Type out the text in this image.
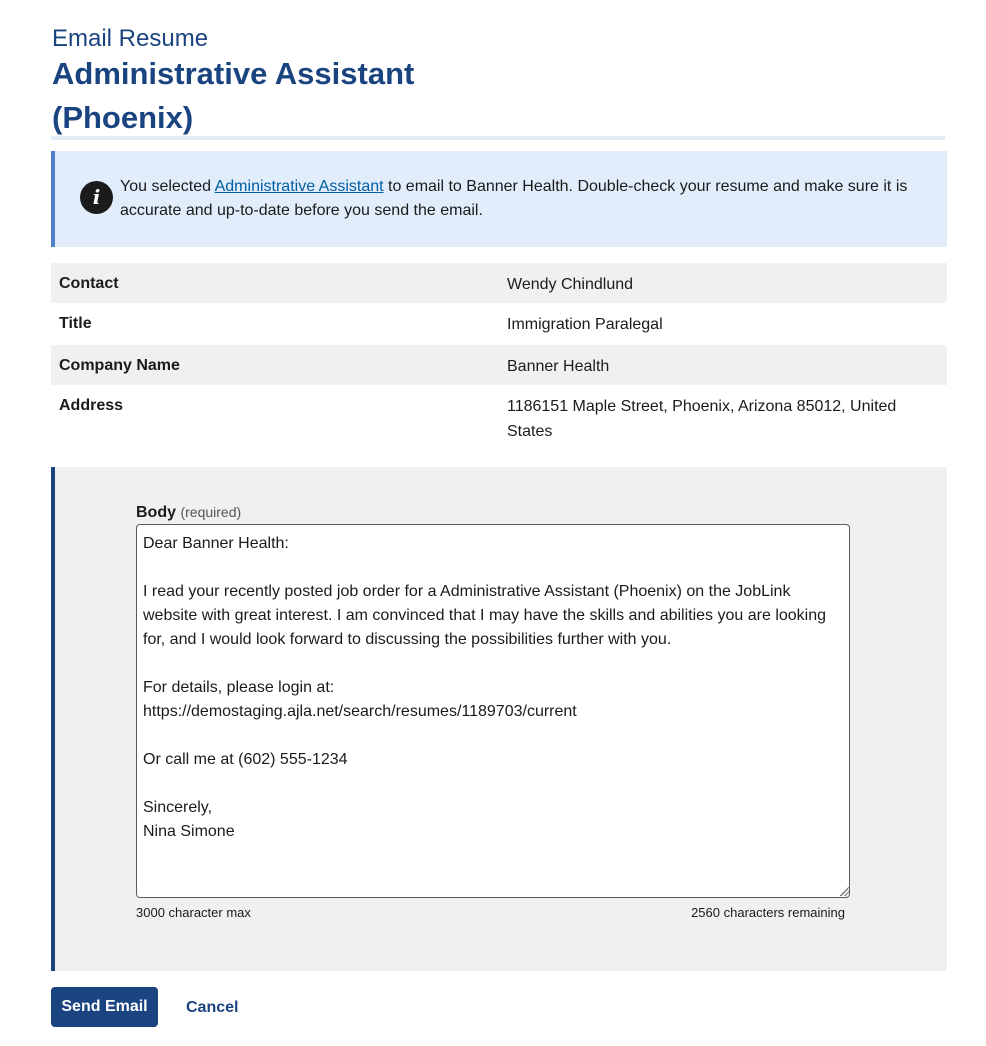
Email Resume
Administrative Assistant (Phoenix)
i	You selected Administrative Assistant to email to Banner Health. Double-check your resume and make sure it is accurate and up-to-date before you send the email.
Contact	Wendy Chindlund
Title	Immigration Paralegal
Company Name	Banner Health
Address	1186151 Maple Street, Phoenix, Arizona 85012, United States
Body (required)
Dear Banner Health: I read your recently posted job order for a Administrative Assistant (Phoenix) on the JobLink website with great interest. I am convinced that I may have the skills and abilities you are looking for, and I would look forward to discussing the possibilities further with you. For details, please login at: https://demostaging.ajla.net/search/resumes/1189703/current Or call me at (602) 555-1234 Sincerely, Nina Simone
3000 character max	2560 characters remaining
Send Email	Cancel
